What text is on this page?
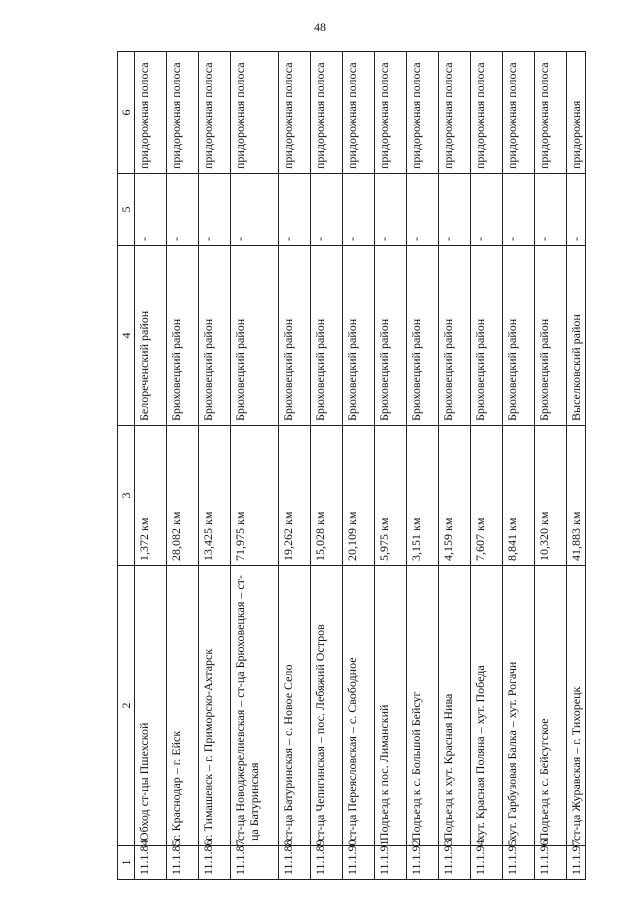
48
1	2	3	4	5	6
11.1.84	Обход ст-цы Пшехской	1,372 км	Белореченский район	-	придорожная полоса
11.1.85	г. Краснодар – г. Ейск	28,082 км	Брюховецкий район	-	придорожная полоса
11.1.86	г. Тимашевск – г. Приморско-Ахтарск	13,425 км	Брюховецкий район	-	придорожная полоса
11.1.87	ст-ца Новоджерелиевская – ст-ца Брюховецкая – ст-ца Батуринская	71,975 км	Брюховецкий район	-	придорожная полоса
11.1.88	ст-ца Батуринская – с. Новое Село	19,262 км	Брюховецкий район	-	придорожная полоса
11.1.89	ст-ца Чепигинская – пос. Лебяжий Остров	15,028 км	Брюховецкий район	-	придорожная полоса
11.1.90	ст-ца Переясловская – с. Свободное	20,109 км	Брюховецкий район	-	придорожная полоса
11.1.91	Подъезд к пос. Лиманский	5,975 км	Брюховецкий район	-	придорожная полоса
11.1.92	Подъезд к с. Большой Бейсуг	3,151 км	Брюховецкий район	-	придорожная полоса
11.1.93	Подъезд к хут. Красная Нива	4,159 км	Брюховецкий район	-	придорожная полоса
11.1.94	хут. Красная Поляна – хут. Победа	7,607 км	Брюховецкий район	-	придорожная полоса
11.1.95	хут. Гарбузовая Балка – хут. Рогачи	8,841 км	Брюховецкий район	-	придорожная полоса
11.1.96	Подъезд к с. Бейсугское	10,320 км	Брюховецкий район	-	придорожная полоса
11.1.97	ст-ца Журавская – г. Тихорецк	41,883 км	Выселковский район	-	придорожная
